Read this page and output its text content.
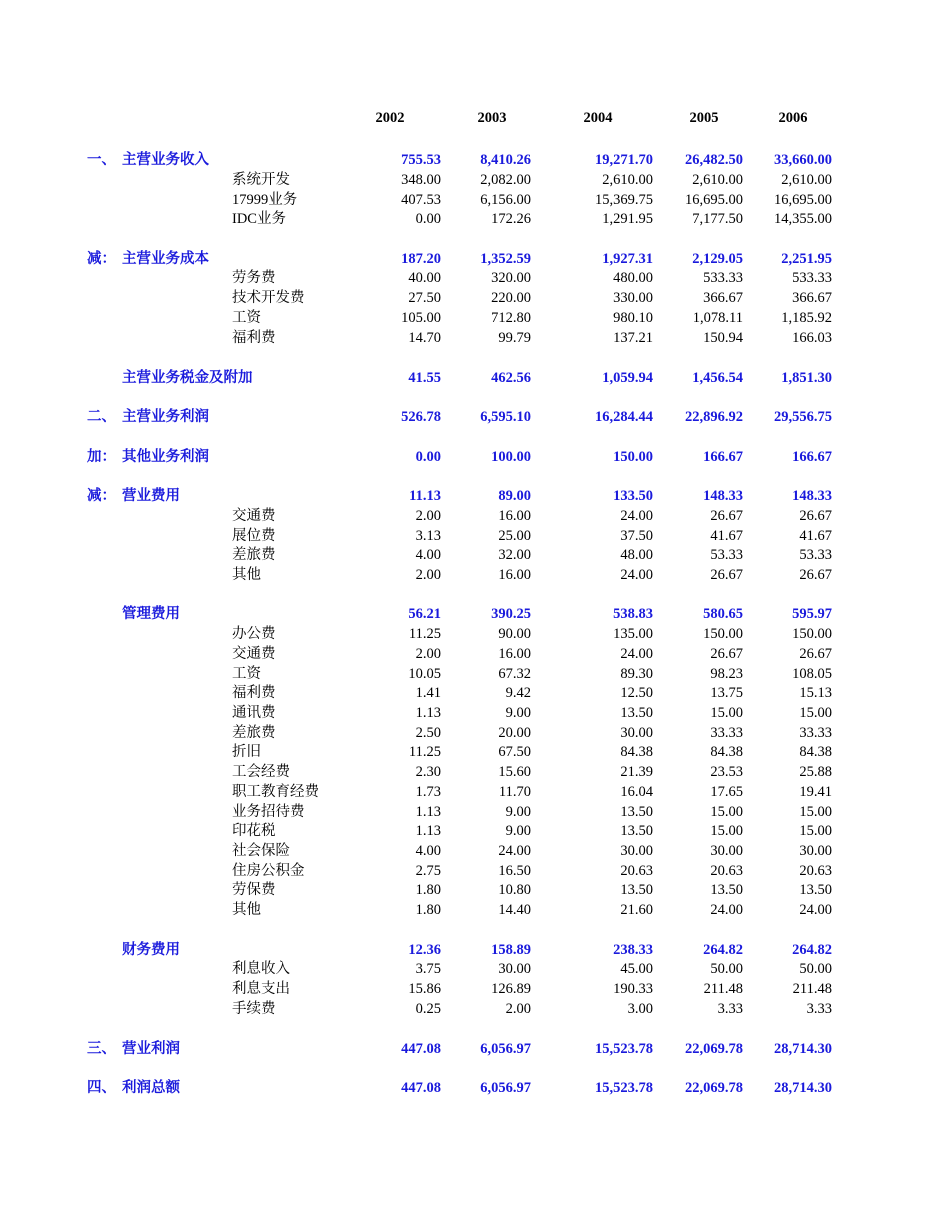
2002	2003	2004	2005	2006
一、 主营业务收入	755.53	8,410.26	19,271.70	26,482.50	33,660.00
系统开发	348.00	2,082.00	2,610.00	2,610.00	2,610.00
17999业务	407.53	6,156.00	15,369.75	16,695.00	16,695.00
IDC业务	0.00	172.26	1,291.95	7,177.50	14,355.00
减： 主营业务成本	187.20	1,352.59	1,927.31	2,129.05	2,251.95
劳务费	40.00	320.00	480.00	533.33	533.33
技术开发费	27.50	220.00	330.00	366.67	366.67
工资	105.00	712.80	980.10	1,078.11	1,185.92
福利费	14.70	99.79	137.21	150.94	166.03
主营业务税金及附加	41.55	462.56	1,059.94	1,456.54	1,851.30
二、 主营业务利润	526.78	6,595.10	16,284.44	22,896.92	29,556.75
加： 其他业务利润	0.00	100.00	150.00	166.67	166.67
减： 营业费用	11.13	89.00	133.50	148.33	148.33
交通费	2.00	16.00	24.00	26.67	26.67
展位费	3.13	25.00	37.50	41.67	41.67
差旅费	4.00	32.00	48.00	53.33	53.33
其他	2.00	16.00	24.00	26.67	26.67
管理费用	56.21	390.25	538.83	580.65	595.97
办公费	11.25	90.00	135.00	150.00	150.00
交通费	2.00	16.00	24.00	26.67	26.67
工资	10.05	67.32	89.30	98.23	108.05
福利费	1.41	9.42	12.50	13.75	15.13
通讯费	1.13	9.00	13.50	15.00	15.00
差旅费	2.50	20.00	30.00	33.33	33.33
折旧	11.25	67.50	84.38	84.38	84.38
工会经费	2.30	15.60	21.39	23.53	25.88
职工教育经费	1.73	11.70	16.04	17.65	19.41
业务招待费	1.13	9.00	13.50	15.00	15.00
印花税	1.13	9.00	13.50	15.00	15.00
社会保险	4.00	24.00	30.00	30.00	30.00
住房公积金	2.75	16.50	20.63	20.63	20.63
劳保费	1.80	10.80	13.50	13.50	13.50
其他	1.80	14.40	21.60	24.00	24.00
财务费用	12.36	158.89	238.33	264.82	264.82
利息收入	3.75	30.00	45.00	50.00	50.00
利息支出	15.86	126.89	190.33	211.48	211.48
手续费	0.25	2.00	3.00	3.33	3.33
三、 营业利润	447.08	6,056.97	15,523.78	22,069.78	28,714.30
四、 利润总额	447.08	6,056.97	15,523.78	22,069.78	28,714.30
